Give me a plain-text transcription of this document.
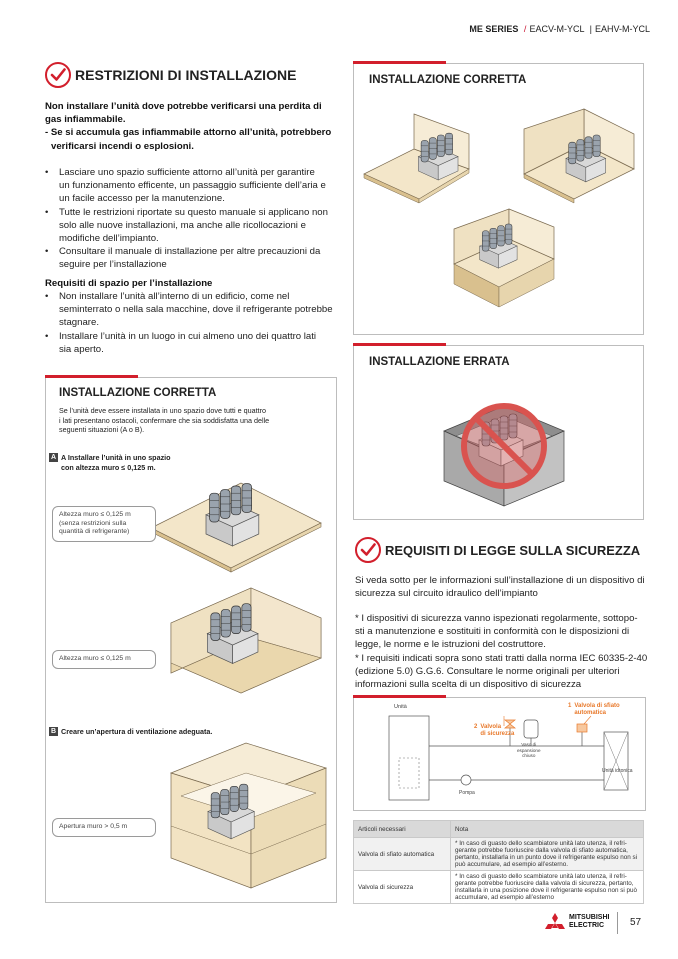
ME SERIES / EACV-M-YCL | EAHV-M-YCL
RESTRIZIONI DI INSTALLAZIONE
Non installare l’unità dove potrebbe verificarsi una perdita di
gas infiammabile.
- Se si accumula gas infiammabile attorno all’unità, potrebbero
verificarsi incendi o esplosioni.
• Lasciare uno spazio sufficiente attorno all’unità per garantire
un funzionamento efficente, un passaggio sufficiente dell’aria e
un facile accesso per la manutenzione.
• Tutte le restrizioni riportate su questo manuale si applicano non
solo alle nuove installazioni, ma anche alle ricollocazioni e
modifiche dell’impianto.
• Consultare il manuale di installazione per altre precauzioni da
seguire per l’installazione
Requisiti di spazio per l’installazione
• Non installare l’unità all’interno di un edificio, come nel
seminterrato o nella sala macchine, dove il refrigerante potrebbe
stagnare.
• Installare l’unità in un luogo in cui almeno uno dei quattro lati
sia aperto.
INSTALLAZIONE CORRETTA
Se l’unità deve essere installata in uno spazio dove tutti e quattro
i lati presentano ostacoli, confermare che sia soddisfatta una delle
seguenti situazioni (A o B).
A A Installare l’unità in uno spazio
con altezza muro ≤ 0,125 m.
Altezza muro ≤ 0,125 m
(senza restrizioni sulla
quantità di refrigerante)
Altezza muro ≤ 0,125 m
B Creare un’apertura di ventilazione adeguata.
Apertura muro > 0,5 m
INSTALLAZIONE CORRETTA
INSTALLAZIONE ERRATA
REQUISITI DI LEGGE SULLA SICUREZZA
Si veda sotto per le informazioni sull’installazione di un dispositivo di
sicurezza sul circuito idraulico dell’impianto
* I dispositivi di sicurezza vanno ispezionati regolarmente, sottopo-
sti a manutenzione e sostituiti in conformità con le disposizioni di
legge, le norme e le istruzioni del costruttore.
* I requisiti indicati sopra sono stati tratti dalla norma IEC 60335-2-40
(edizione 5.0) G.G.6. Consultare le norme originali per ulteriori
informazioni sulla scelta di un dispositivo di sicurezza
Unità
2 Valvola
di sicurezza
Vaso di
espansione
chiuso
1 Valvola di sfiato
automatica
Pompa
Unità idronica
Articoli necessari	Nota
Valvola di sfiato automatica	* In caso di guasto dello scambiatore unità lato utenza, il refri-
gerante potrebbe fuoriuscire dalla valvola di sfiato automatica,
pertanto, installarla in un punto dove il refrigerante espulso non si
può accumulare, ad esempio all’esterno.

Valvola di sicurezza	* In caso di guasto dello scambiatore unità lato utenza, il refri-
gerante potrebbe fuoriuscire dalla valvola di sicurezza, pertanto,
installarla in una posizione dove il refrigerante espulso non si può
accumulare, ad esempio all’esterno
MITSUBISHI
ELECTRIC	57
